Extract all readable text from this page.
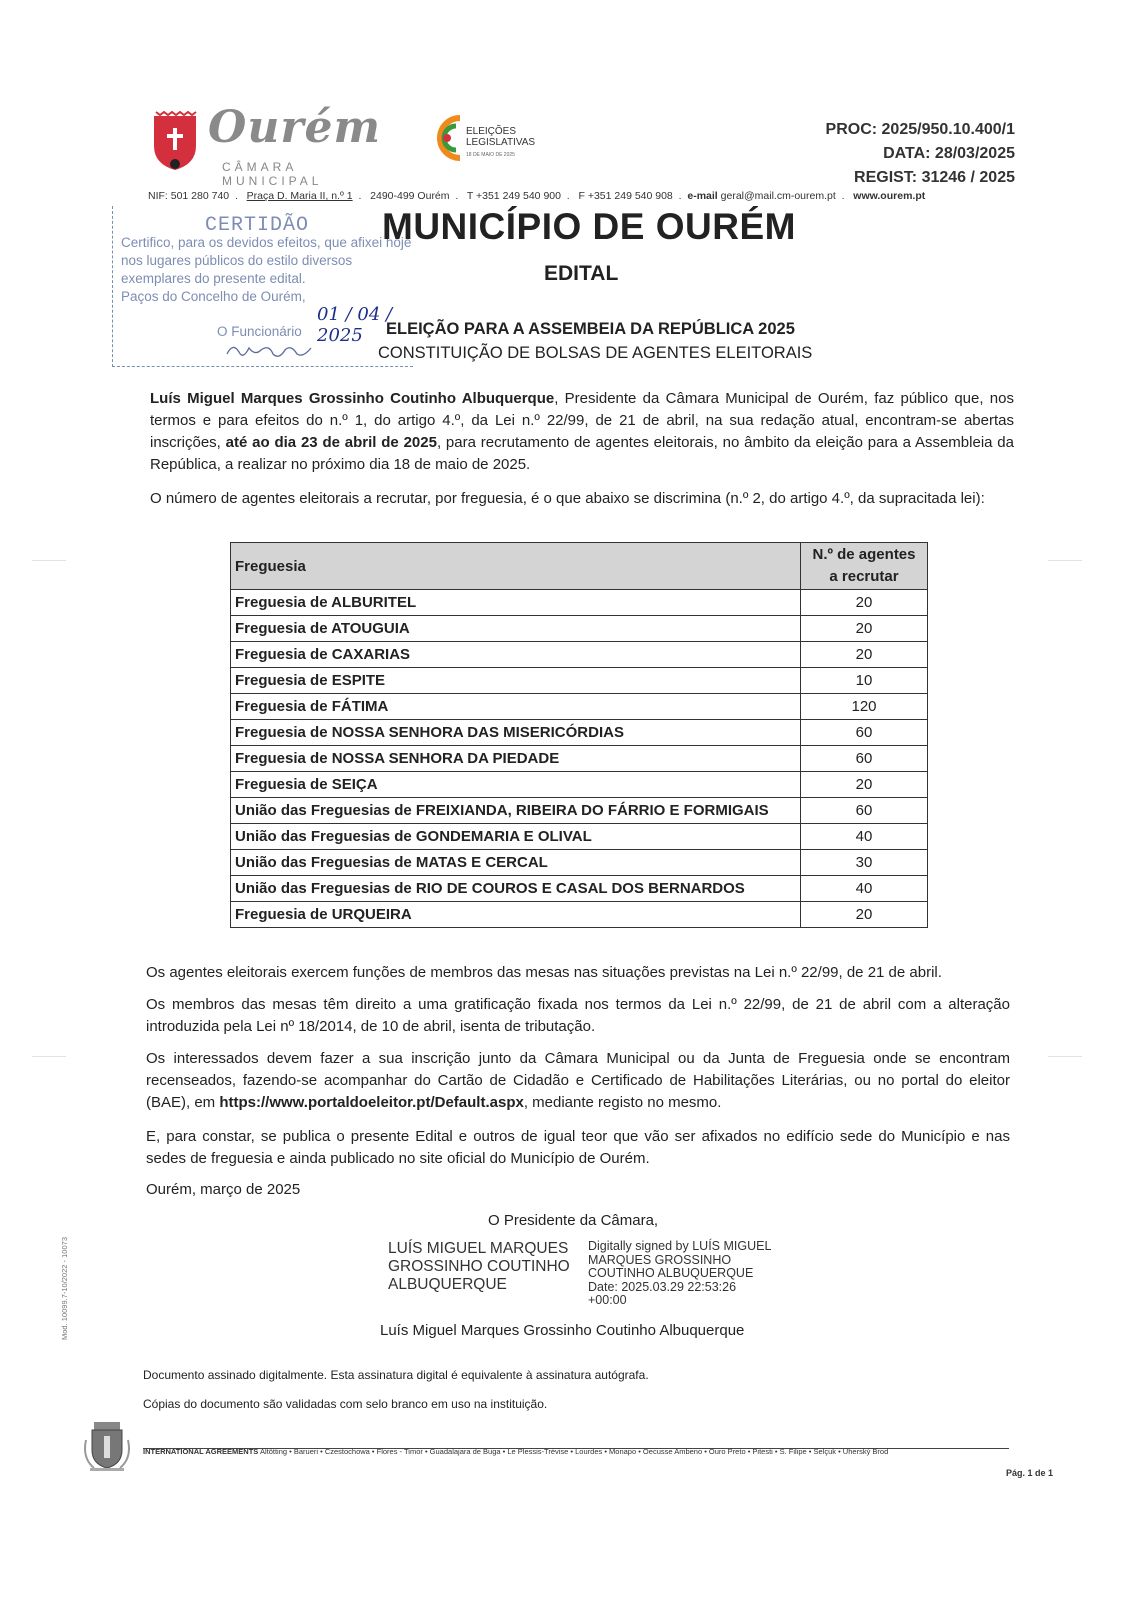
Ourém
CÂMARA MUNICIPAL
ELEIÇÕES LEGISLATIVAS
18 DE MAIO DE 2025
PROC: 2025/950.10.400/1
DATA: 28/03/2025
REGIST: 31246 / 2025
NIF: 501 280 740  .   Praça D. Maria II, n.º 1  .   2490-499 Ourém  .   T +351 249 540 900  .   F +351 249 540 908  .  e-mail geral@mail.cm-ourem.pt  .   www.ourem.pt
CERTIDÃO
Certifico, para os devidos efeitos, que afixei hoje nos lugares públicos do estilo diversos exemplares do presente edital.
Paços do Concelho de Ourém,
01 / 04 / 2025
O Funcionário
MUNICÍPIO DE OURÉM
EDITAL
ELEIÇÃO PARA A ASSEMBEIA DA REPÚBLICA 2025
CONSTITUIÇÃO DE BOLSAS DE AGENTES ELEITORAIS
Luís Miguel Marques Grossinho Coutinho Albuquerque, Presidente da Câmara Municipal de Ourém, faz público que, nos termos e para efeitos do n.º 1, do artigo 4.º, da Lei n.º 22/99, de 21 de abril, na sua redação atual, encontram-se abertas inscrições, até ao dia 23 de abril de 2025, para recrutamento de agentes eleitorais, no âmbito da eleição para a Assembleia da República, a realizar no próximo dia 18 de maio de 2025.
O número de agentes eleitorais a recrutar, por freguesia, é o que abaixo se discrimina (n.º 2, do artigo 4.º, da supracitada lei):
Freguesia	N.º de agentes
a recrutar
Freguesia de ALBURITEL	20
Freguesia de ATOUGUIA	20
Freguesia de CAXARIAS	20
Freguesia de ESPITE	10
Freguesia de FÁTIMA	120
Freguesia de NOSSA SENHORA DAS MISERICÓRDIAS	60
Freguesia de NOSSA SENHORA DA PIEDADE	60
Freguesia de SEIÇA	20
União das Freguesias de FREIXIANDA, RIBEIRA DO FÁRRIO E FORMIGAIS	60
União das Freguesias de GONDEMARIA E OLIVAL	40
União das Freguesias de MATAS E CERCAL	30
União das Freguesias de RIO DE COUROS E CASAL DOS BERNARDOS	40
Freguesia de URQUEIRA	20
Os agentes eleitorais exercem funções de membros das mesas nas situações previstas na Lei n.º 22/99, de 21 de abril.
Os membros das mesas têm direito a uma gratificação fixada nos termos da Lei n.º 22/99, de 21 de abril com a alteração introduzida pela Lei nº 18/2014, de 10 de abril, isenta de tributação.
Os interessados devem fazer a sua inscrição junto da Câmara Municipal ou da Junta de Freguesia onde se encontram recenseados, fazendo-se acompanhar do Cartão de Cidadão e Certificado de Habilitações Literárias, ou no portal do eleitor (BAE), em https://www.portaldoeleitor.pt/Default.aspx, mediante registo no mesmo.
E, para constar, se publica o presente Edital e outros de igual teor que vão ser afixados no edifício sede do Município e nas sedes de freguesia e ainda publicado no site oficial do Município de Ourém.
Ourém, março de 2025
O Presidente da Câmara,
LUÍS MIGUEL MARQUES
GROSSINHO COUTINHO
ALBUQUERQUE
Digitally signed by LUÍS MIGUEL
MARQUES GROSSINHO
COUTINHO ALBUQUERQUE
Date: 2025.03.29 22:53:26
+00:00
Luís Miguel Marques Grossinho Coutinho Albuquerque
Documento assinado digitalmente. Esta assinatura digital é equivalente à assinatura autógrafa.
Cópias do documento são validadas com selo branco em uso na instituição.
Mod. 10099.7-10/2022 - 10073
INTERNATIONAL AGREEMENTS Altötting • Barueri • Czestochowa • Flores - Timor • Guadalajara de Buga • Le Plessis-Trévise • Lourdes • Monapo • Oecusse Ambeno • Ouro Preto • Pitesti • S. Filipe • Selçuk • Uherský Brod
Pág. 1 de 1
